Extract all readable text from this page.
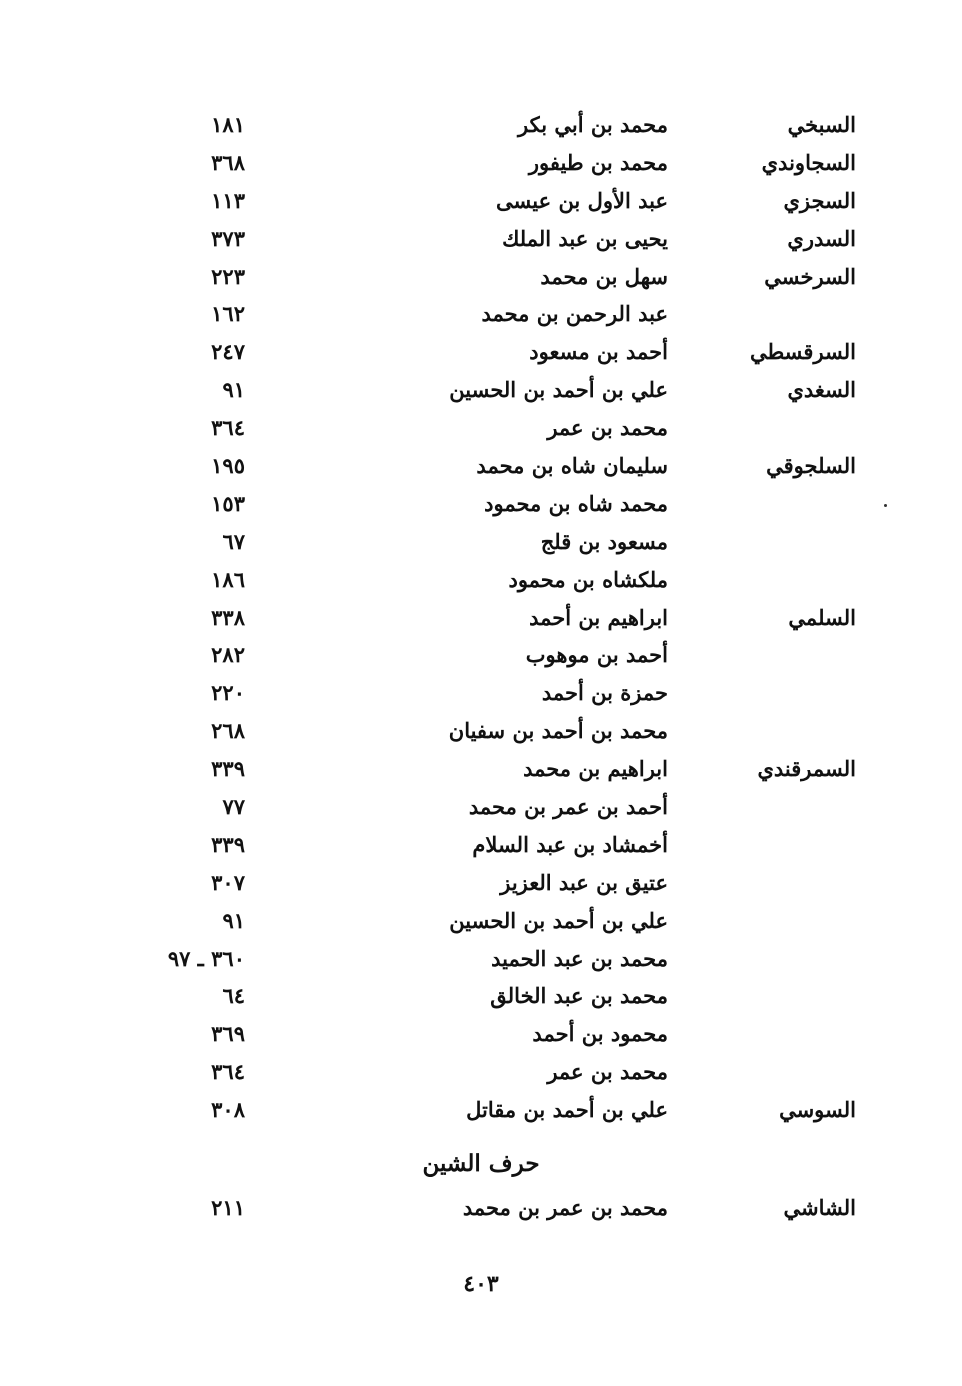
السبخي
محمد بن أبي بكر
١٨١
السجاوندي
محمد بن طيفور
٣٦٨
السجزي
عبد الأول بن عيسى
١١٣
السدري
يحيى بن عبد الملك
٣٧٣
السرخسي
سهل بن محمد
٢٢٣
عبد الرحمن بن محمد
١٦٢
السرقسطي
أحمد بن مسعود
٢٤٧
السغدي
علي بن أحمد بن الحسين
٩١
محمد بن عمر
٣٦٤
السلجوقي
سليمان شاه بن محمد
١٩٥
محمد شاه بن محمود
١٥٣
مسعود بن قلج
٦٧
ملكشاه بن محمود
١٨٦
السلمي
ابراهيم بن أحمد
٣٣٨
أحمد بن موهوب
٢٨٢
حمزة بن أحمد
٢٢٠
محمد بن أحمد بن سفيان
٢٦٨
السمرقندي
ابراهيم بن محمد
٣٣٩
أحمد بن عمر بن محمد
٧٧
أخمشاد بن عبد السلام
٣٣٩
عتيق بن عبد العزيز
٣٠٧
علي بن أحمد بن الحسين
٩١
محمد بن عبد الحميد
٣٦٠ ـ ٩٧
محمد بن عبد الخالق
٦٤
محمود بن أحمد
٣٦٩
محمد بن عمر
٣٦٤
السوسي
علي بن أحمد بن مقاتل
٣٠٨
حرف الشين
الشاشي
محمد بن عمر بن محمد
٢١١
٤٠٣
